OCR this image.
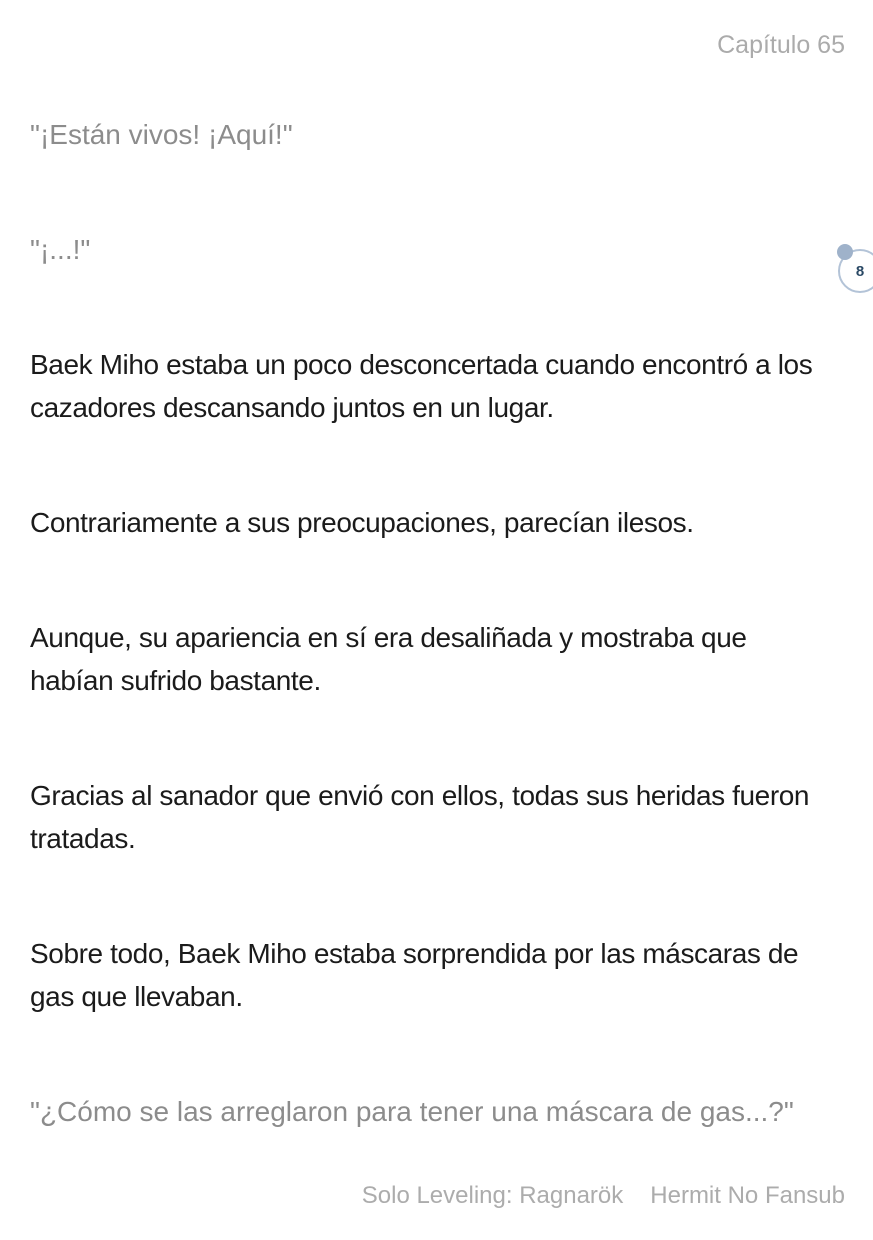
Capítulo 65
"¡Están vivos! ¡Aquí!"
"¡...!"
Baek Miho estaba un poco desconcertada cuando encontró a los
cazadores descansando juntos en un lugar.
Contrariamente a sus preocupaciones, parecían ilesos.
Aunque, su apariencia en sí era desaliñada y mostraba que
habían sufrido bastante.
Gracias al sanador que envió con ellos, todas sus heridas fueron
tratadas.
Sobre todo, Baek Miho estaba sorprendida por las máscaras de
gas que llevaban.
"¿Cómo se las arreglaron para tener una máscara de gas...?"
8
Solo Leveling: Ragnarök Hermit No Fansub
